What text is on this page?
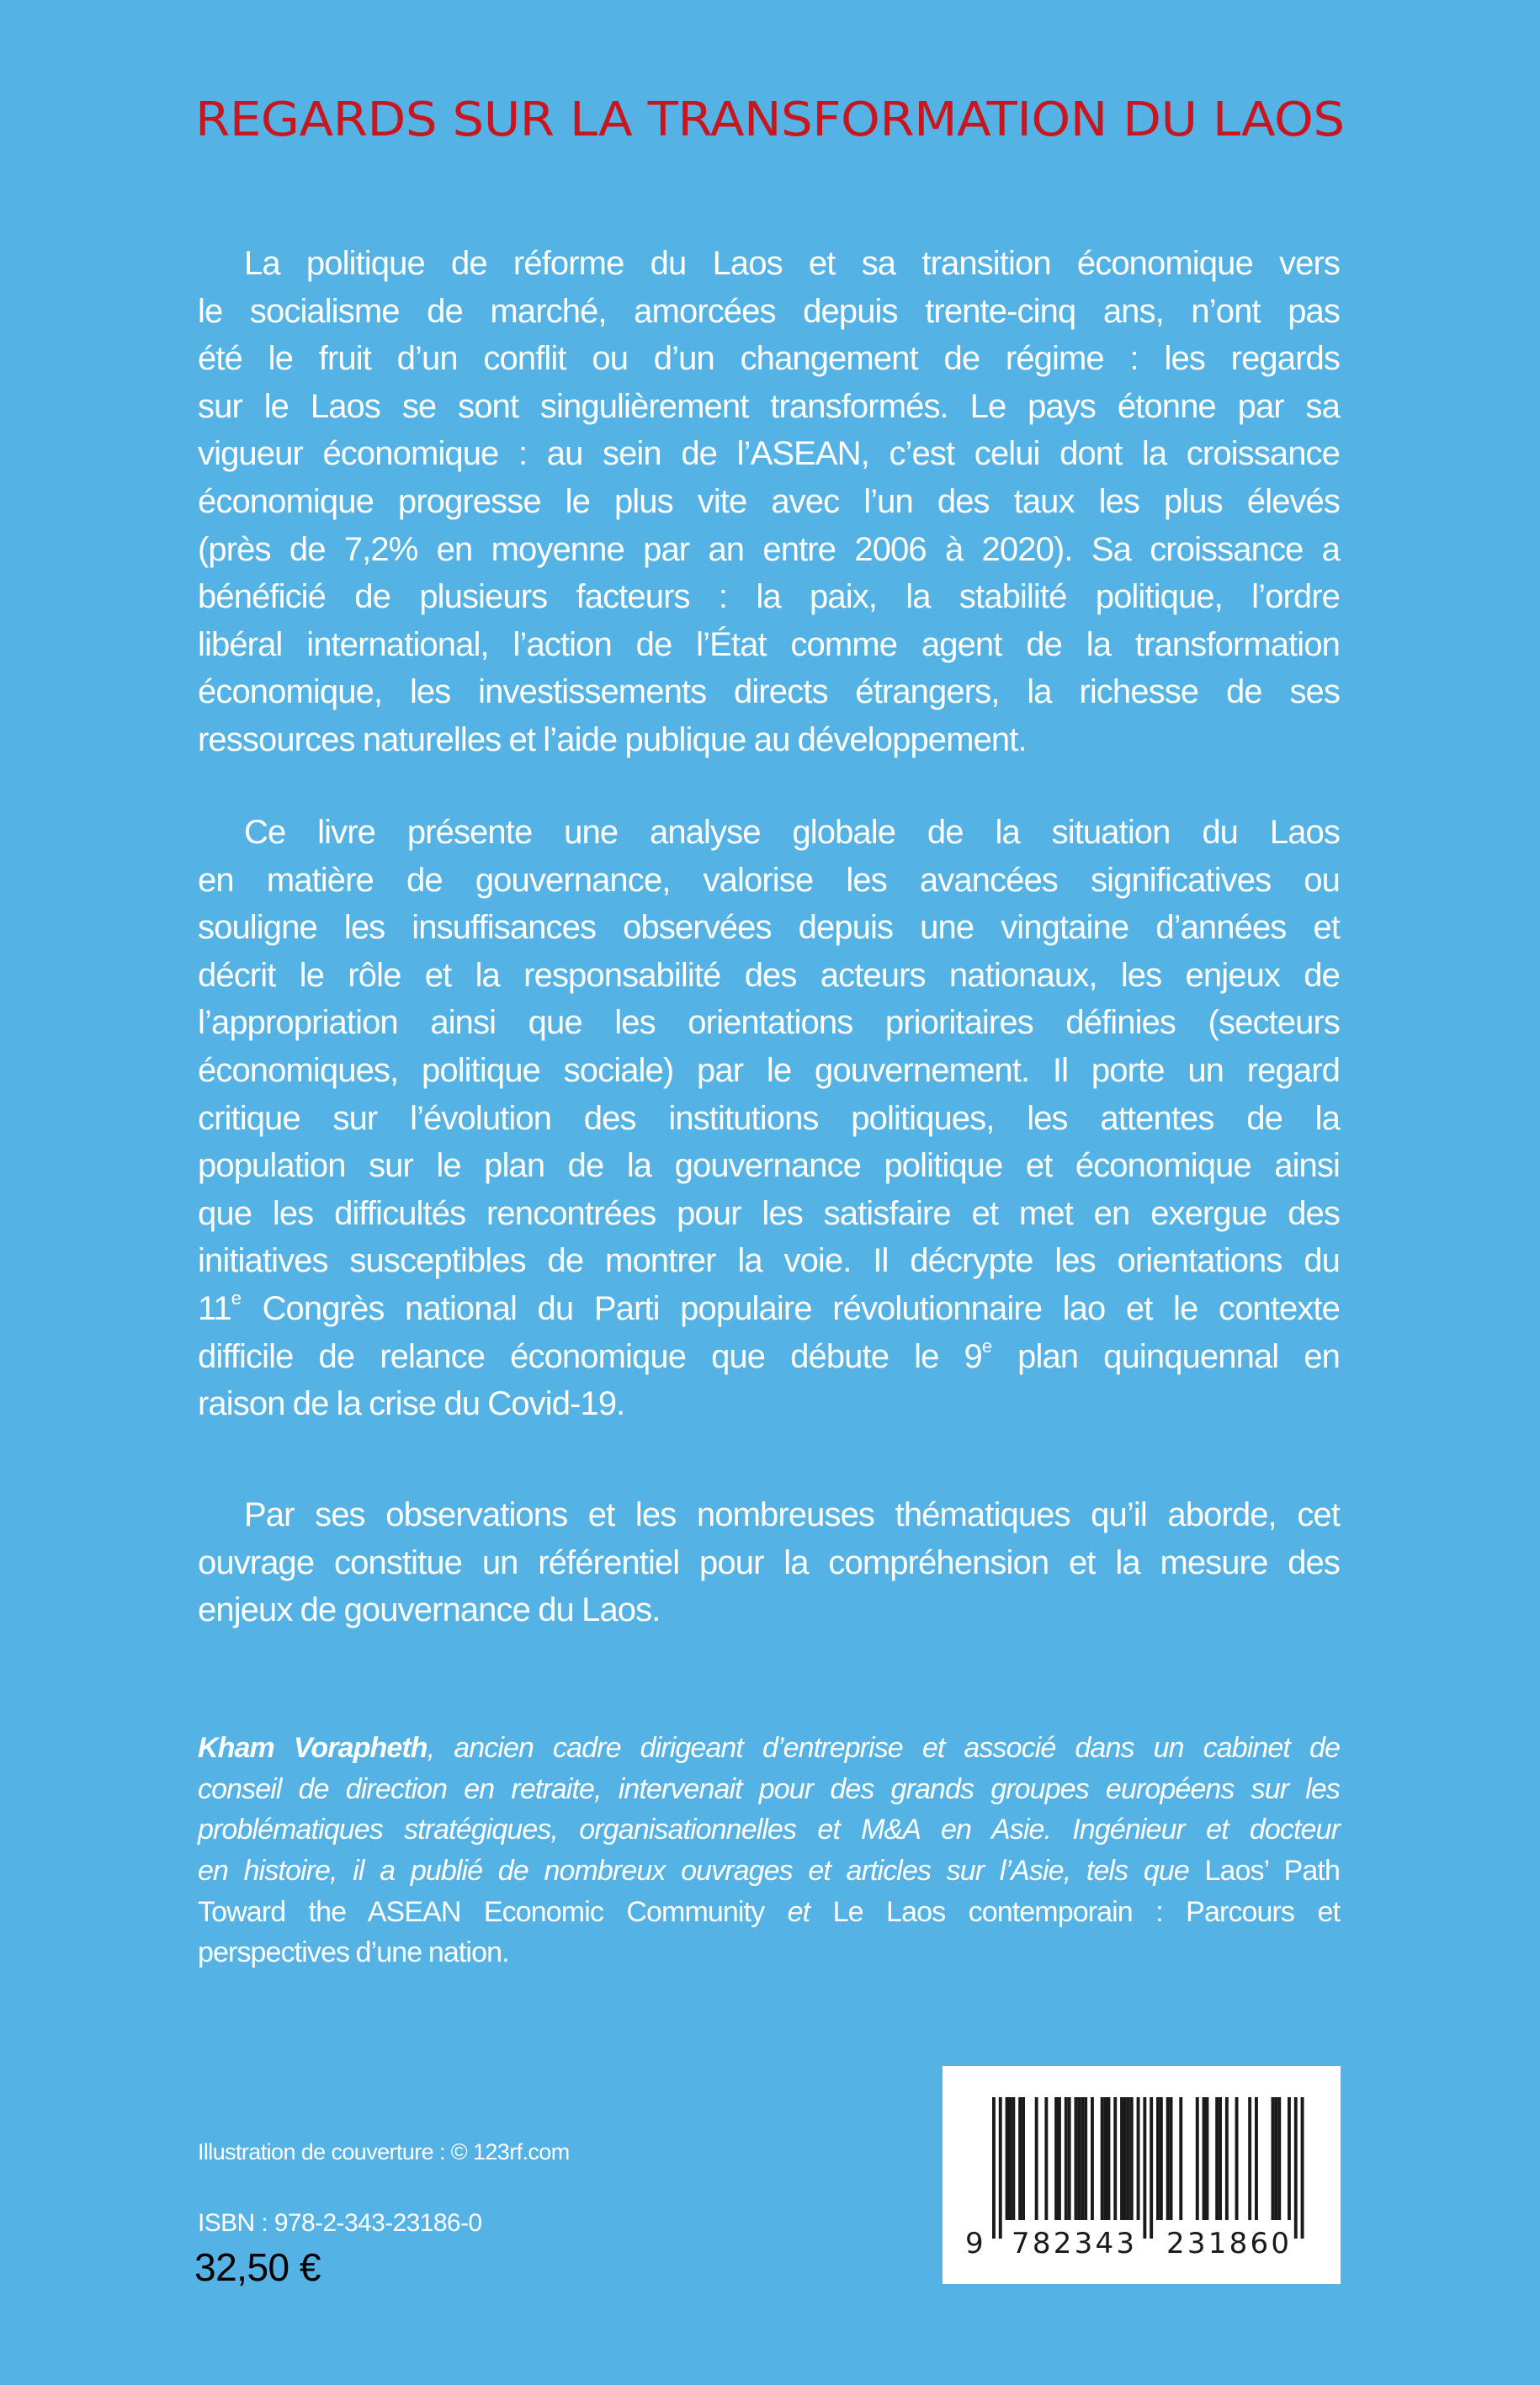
REGARDS SUR LA TRANSFORMATION DU LAOS
La politique de réforme du Laos et sa transition économique vers
le socialisme de marché, amorcées depuis trente-cinq ans, n’ont pas
été le fruit d’un conflit ou d’un changement de régime : les regards
sur le Laos se sont singulièrement transformés. Le pays étonne par sa
vigueur économique : au sein de l’ASEAN, c’est celui dont la croissance
économique progresse le plus vite avec l’un des taux les plus élevés
(près de 7,2% en moyenne par an entre 2006 à 2020). Sa croissance a
bénéficié de plusieurs facteurs : la paix, la stabilité politique, l’ordre
libéral international, l’action de l’État comme agent de la transformation
économique, les investissements directs étrangers, la richesse de ses
ressources naturelles et l’aide publique au développement.
Ce livre présente une analyse globale de la situation du Laos
en matière de gouvernance, valorise les avancées significatives ou
souligne les insuffisances observées depuis une vingtaine d’années et
décrit le rôle et la responsabilité des acteurs nationaux, les enjeux de
l’appropriation ainsi que les orientations prioritaires définies (secteurs
économiques, politique sociale) par le gouvernement. Il porte un regard
critique sur l’évolution des institutions politiques, les attentes de la
population sur le plan de la gouvernance politique et économique ainsi
que les difficultés rencontrées pour les satisfaire et met en exergue des
initiatives susceptibles de montrer la voie. Il décrypte les orientations du
11e Congrès national du Parti populaire révolutionnaire lao et le contexte
difficile de relance économique que débute le 9e plan quinquennal en
raison de la crise du Covid-19.
Par ses observations et les nombreuses thématiques qu’il aborde, cet
ouvrage constitue un référentiel pour la compréhension et la mesure des
enjeux de gouvernance du Laos.
Kham Vorapheth, ancien cadre dirigeant d’entreprise et associé dans un cabinet de
conseil de direction en retraite, intervenait pour des grands groupes européens sur les
problématiques stratégiques, organisationnelles et M&A en Asie. Ingénieur et docteur
en histoire, il a publié de nombreux ouvrages et articles sur l’Asie, tels que Laos’ Path
Toward the ASEAN Economic Community et Le Laos contemporain : Parcours et
perspectives d’une nation.
Illustration de couverture : © 123rf.com
ISBN : 978-2-343-23186-0
32,50 €
9 782343 231860
